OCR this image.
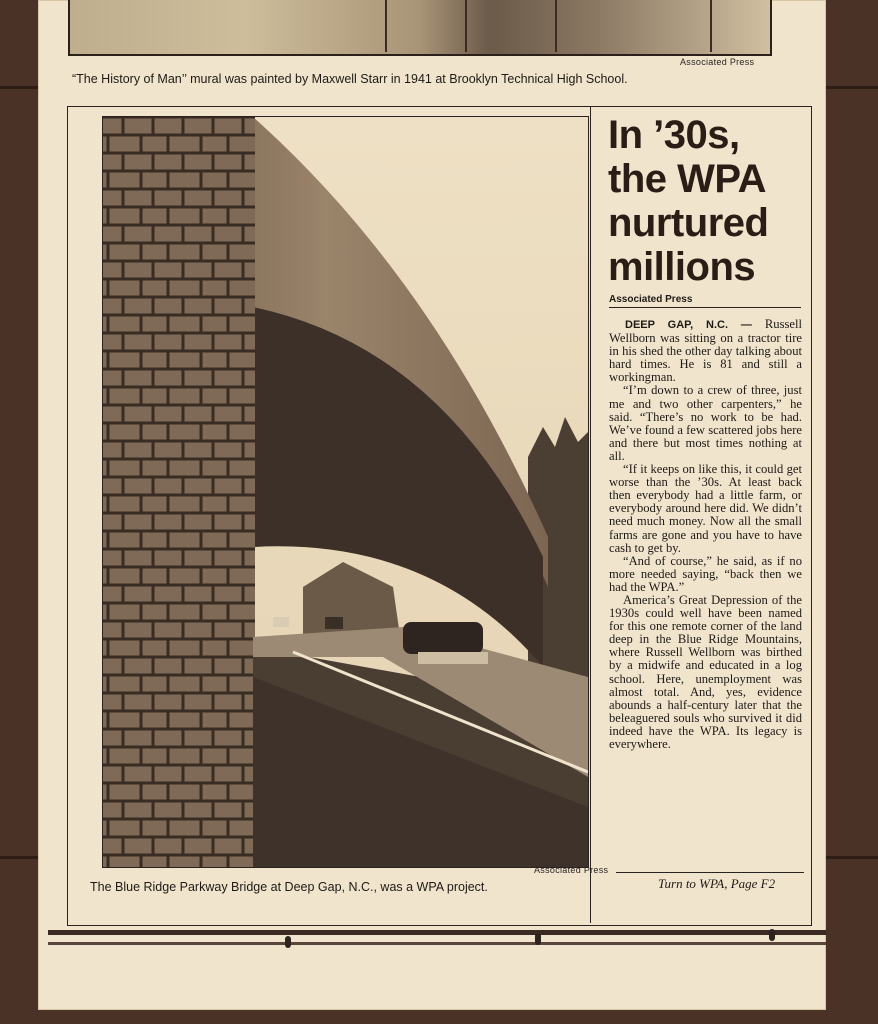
Associated Press
“The History of Man’’ mural was painted by Maxwell Starr in 1941 at Brooklyn Technical High School.
Associated Press
The Blue Ridge Parkway Bridge at Deep Gap, N.C., was a WPA project.
In ’30s, the WPA nurtured millions
Associated Press

DEEP GAP, N.C. — Russell Wellborn was sitting on a tractor tire in his shed the other day talking about hard times. He is 81 and still a workingman.

“I’m down to a crew of three, just me and two other carpenters,” he said. “There’s no work to be had. We’ve found a few scattered jobs here and there but most times nothing at all.

“If it keeps on like this, it could get worse than the ’30s. At least back then everybody had a little farm, or everybody around here did. We didn’t need much money. Now all the small farms are gone and you have to have cash to get by.

“And of course,” he said, as if no more needed saying, “back then we had the WPA.”

America’s Great Depression of the 1930s could well have been named for this one remote corner of the land deep in the Blue Ridge Mountains, where Russell Wellborn was birthed by a midwife and educated in a log school. Here, unemployment was almost total. And, yes, evidence abounds a half-century later that the beleaguered souls who survived it did indeed have the WPA. Its legacy is everywhere.

Turn to WPA, Page F2
